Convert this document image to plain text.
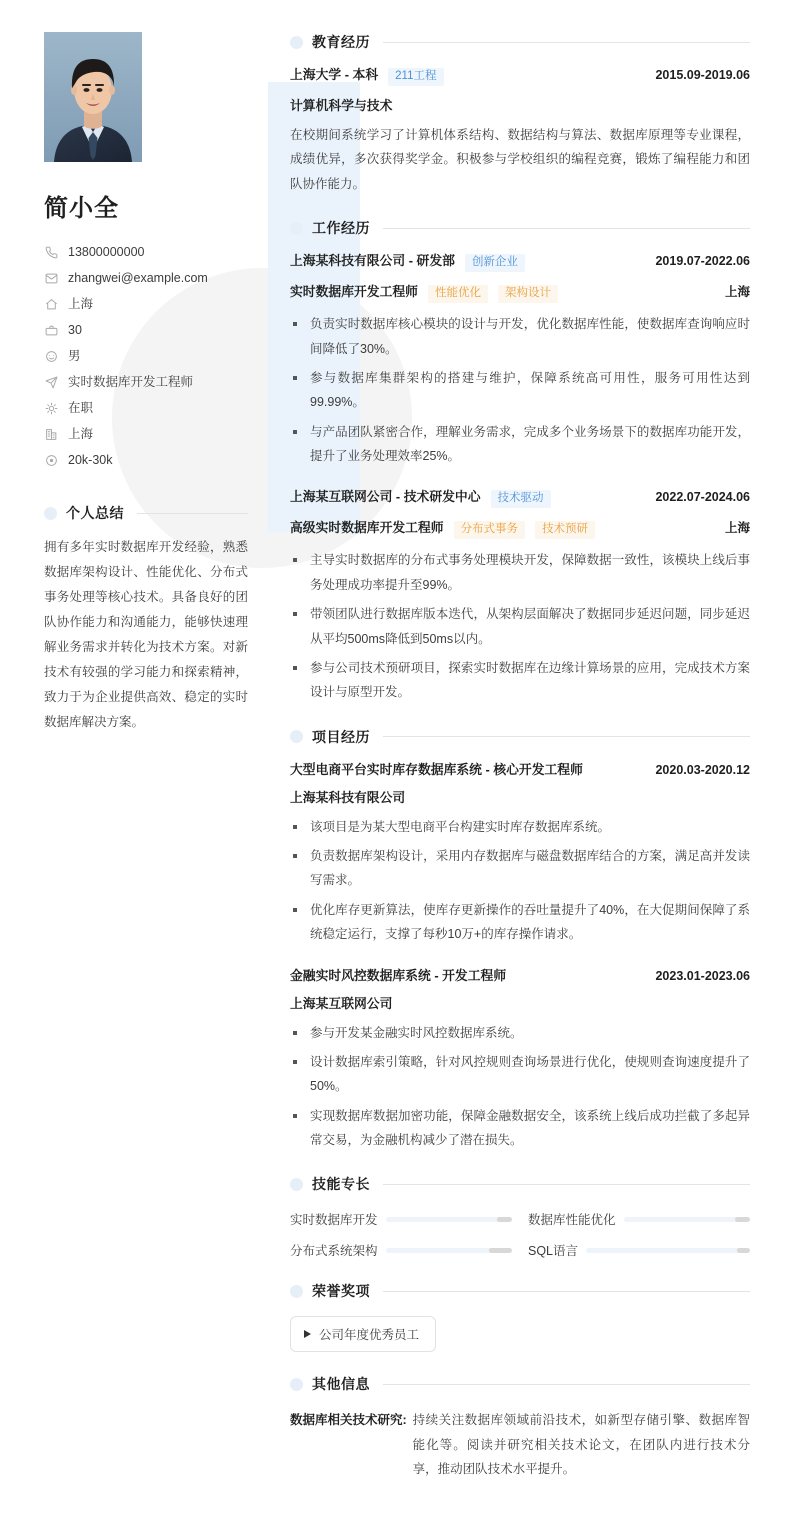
简小全
13800000000
zhangwei@example.com
上海
30
男
实时数据库开发工程师
在职
上海
20k-30k
个人总结

拥有多年实时数据库开发经验，熟悉数据库架构设计、性能优化、分布式事务处理等核心技术。具备良好的团队协作能力和沟通能力，能够快速理解业务需求并转化为技术方案。对新技术有较强的学习能力和探索精神，致力于为企业提供高效、稳定的实时数据库解决方案。

教育经历
上海大学 - 本科	211工程	2015.09-2019.06
计算机科学与技术

在校期间系统学习了计算机体系结构、数据结构与算法、数据库原理等专业课程，成绩优异，多次获得奖学金。积极参与学校组织的编程竞赛，锻炼了编程能力和团队协作能力。

工作经历
上海某科技有限公司 - 研发部	创新企业	2019.07-2022.06
实时数据库开发工程师	性能优化	架构设计	上海
负责实时数据库核心模块的设计与开发，优化数据库性能，使数据库查询响应时间降低了30%。
参与数据库集群架构的搭建与维护，保障系统高可用性，服务可用性达到99.99%。
与产品团队紧密合作，理解业务需求，完成多个业务场景下的数据库功能开发，提升了业务处理效率25%。
上海某互联网公司 - 技术研发中心	技术驱动	2022.07-2024.06
高级实时数据库开发工程师	分布式事务	技术预研	上海
主导实时数据库的分布式事务处理模块开发，保障数据一致性，该模块上线后事务处理成功率提升至99%。
带领团队进行数据库版本迭代，从架构层面解决了数据同步延迟问题，同步延迟从平均500ms降低到50ms以内。
参与公司技术预研项目，探索实时数据库在边缘计算场景的应用，完成技术方案设计与原型开发。
项目经历
大型电商平台实时库存数据库系统 - 核心开发工程师	2020.03-2020.12
上海某科技有限公司
该项目是为某大型电商平台构建实时库存数据库系统。
负责数据库架构设计，采用内存数据库与磁盘数据库结合的方案，满足高并发读写需求。
优化库存更新算法，使库存更新操作的吞吐量提升了40%，在大促期间保障了系统稳定运行，支撑了每秒10万+的库存操作请求。
金融实时风控数据库系统 - 开发工程师	2023.01-2023.06
上海某互联网公司
参与开发某金融实时风控数据库系统。
设计数据库索引策略，针对风控规则查询场景进行优化，使规则查询速度提升了50%。
实现数据库数据加密功能，保障金融数据安全，该系统上线后成功拦截了多起异常交易，为金融机构减少了潜在损失。
技能专长
实时数据库开发	数据库性能优化
分布式系统架构	SQL语言
荣誉奖项
公司年度优秀员工
其他信息
数据库相关技术研究: 持续关注数据库领域前沿技术，如新型存储引擎、数据库智能化等。阅读并研究相关技术论文，在团队内进行技术分享，推动团队技术水平提升。
